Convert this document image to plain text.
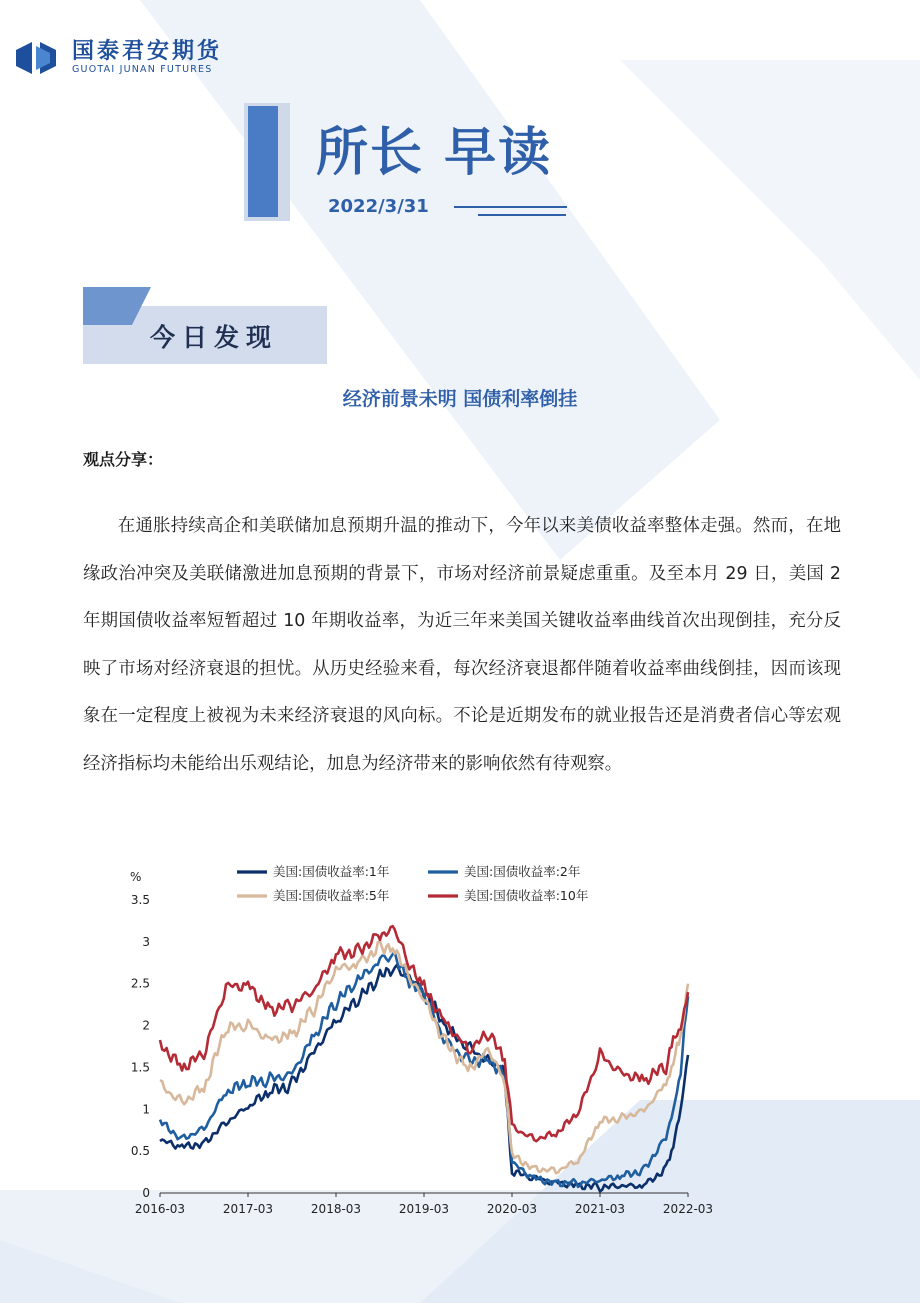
国泰君安期货
GUOTAI JUNAN FUTURES
所长 早读
2022/3/31
今日发现
经济前景未明 国债利率倒挂
观点分享：
在通胀持续高企和美联储加息预期升温的推动下，今年以来美债收益率整体走强。然而，在地缘政治冲突及美联储激进加息预期的背景下，市场对经济前景疑虑重重。及至本月 29 日，美国 2 年期国债收益率短暂超过 10 年期收益率，为近三年来美国关键收益率曲线首次出现倒挂，充分反映了市场对经济衰退的担忧。从历史经验来看，每次经济衰退都伴随着收益率曲线倒挂，因而该现象在一定程度上被视为未来经济衰退的风向标。不论是近期发布的就业报告还是消费者信心等宏观经济指标均未能给出乐观结论，加息为经济带来的影响依然有待观察。
%
0
0.5
1
1.5
2
2.5
3
3.5
2016-03	2017-03	2018-03	2019-03	2020-03	2021-03	2022-03
美国:国债收益率:1年	美国:国债收益率:2年
美国:国债收益率:5年	美国:国债收益率:10年
